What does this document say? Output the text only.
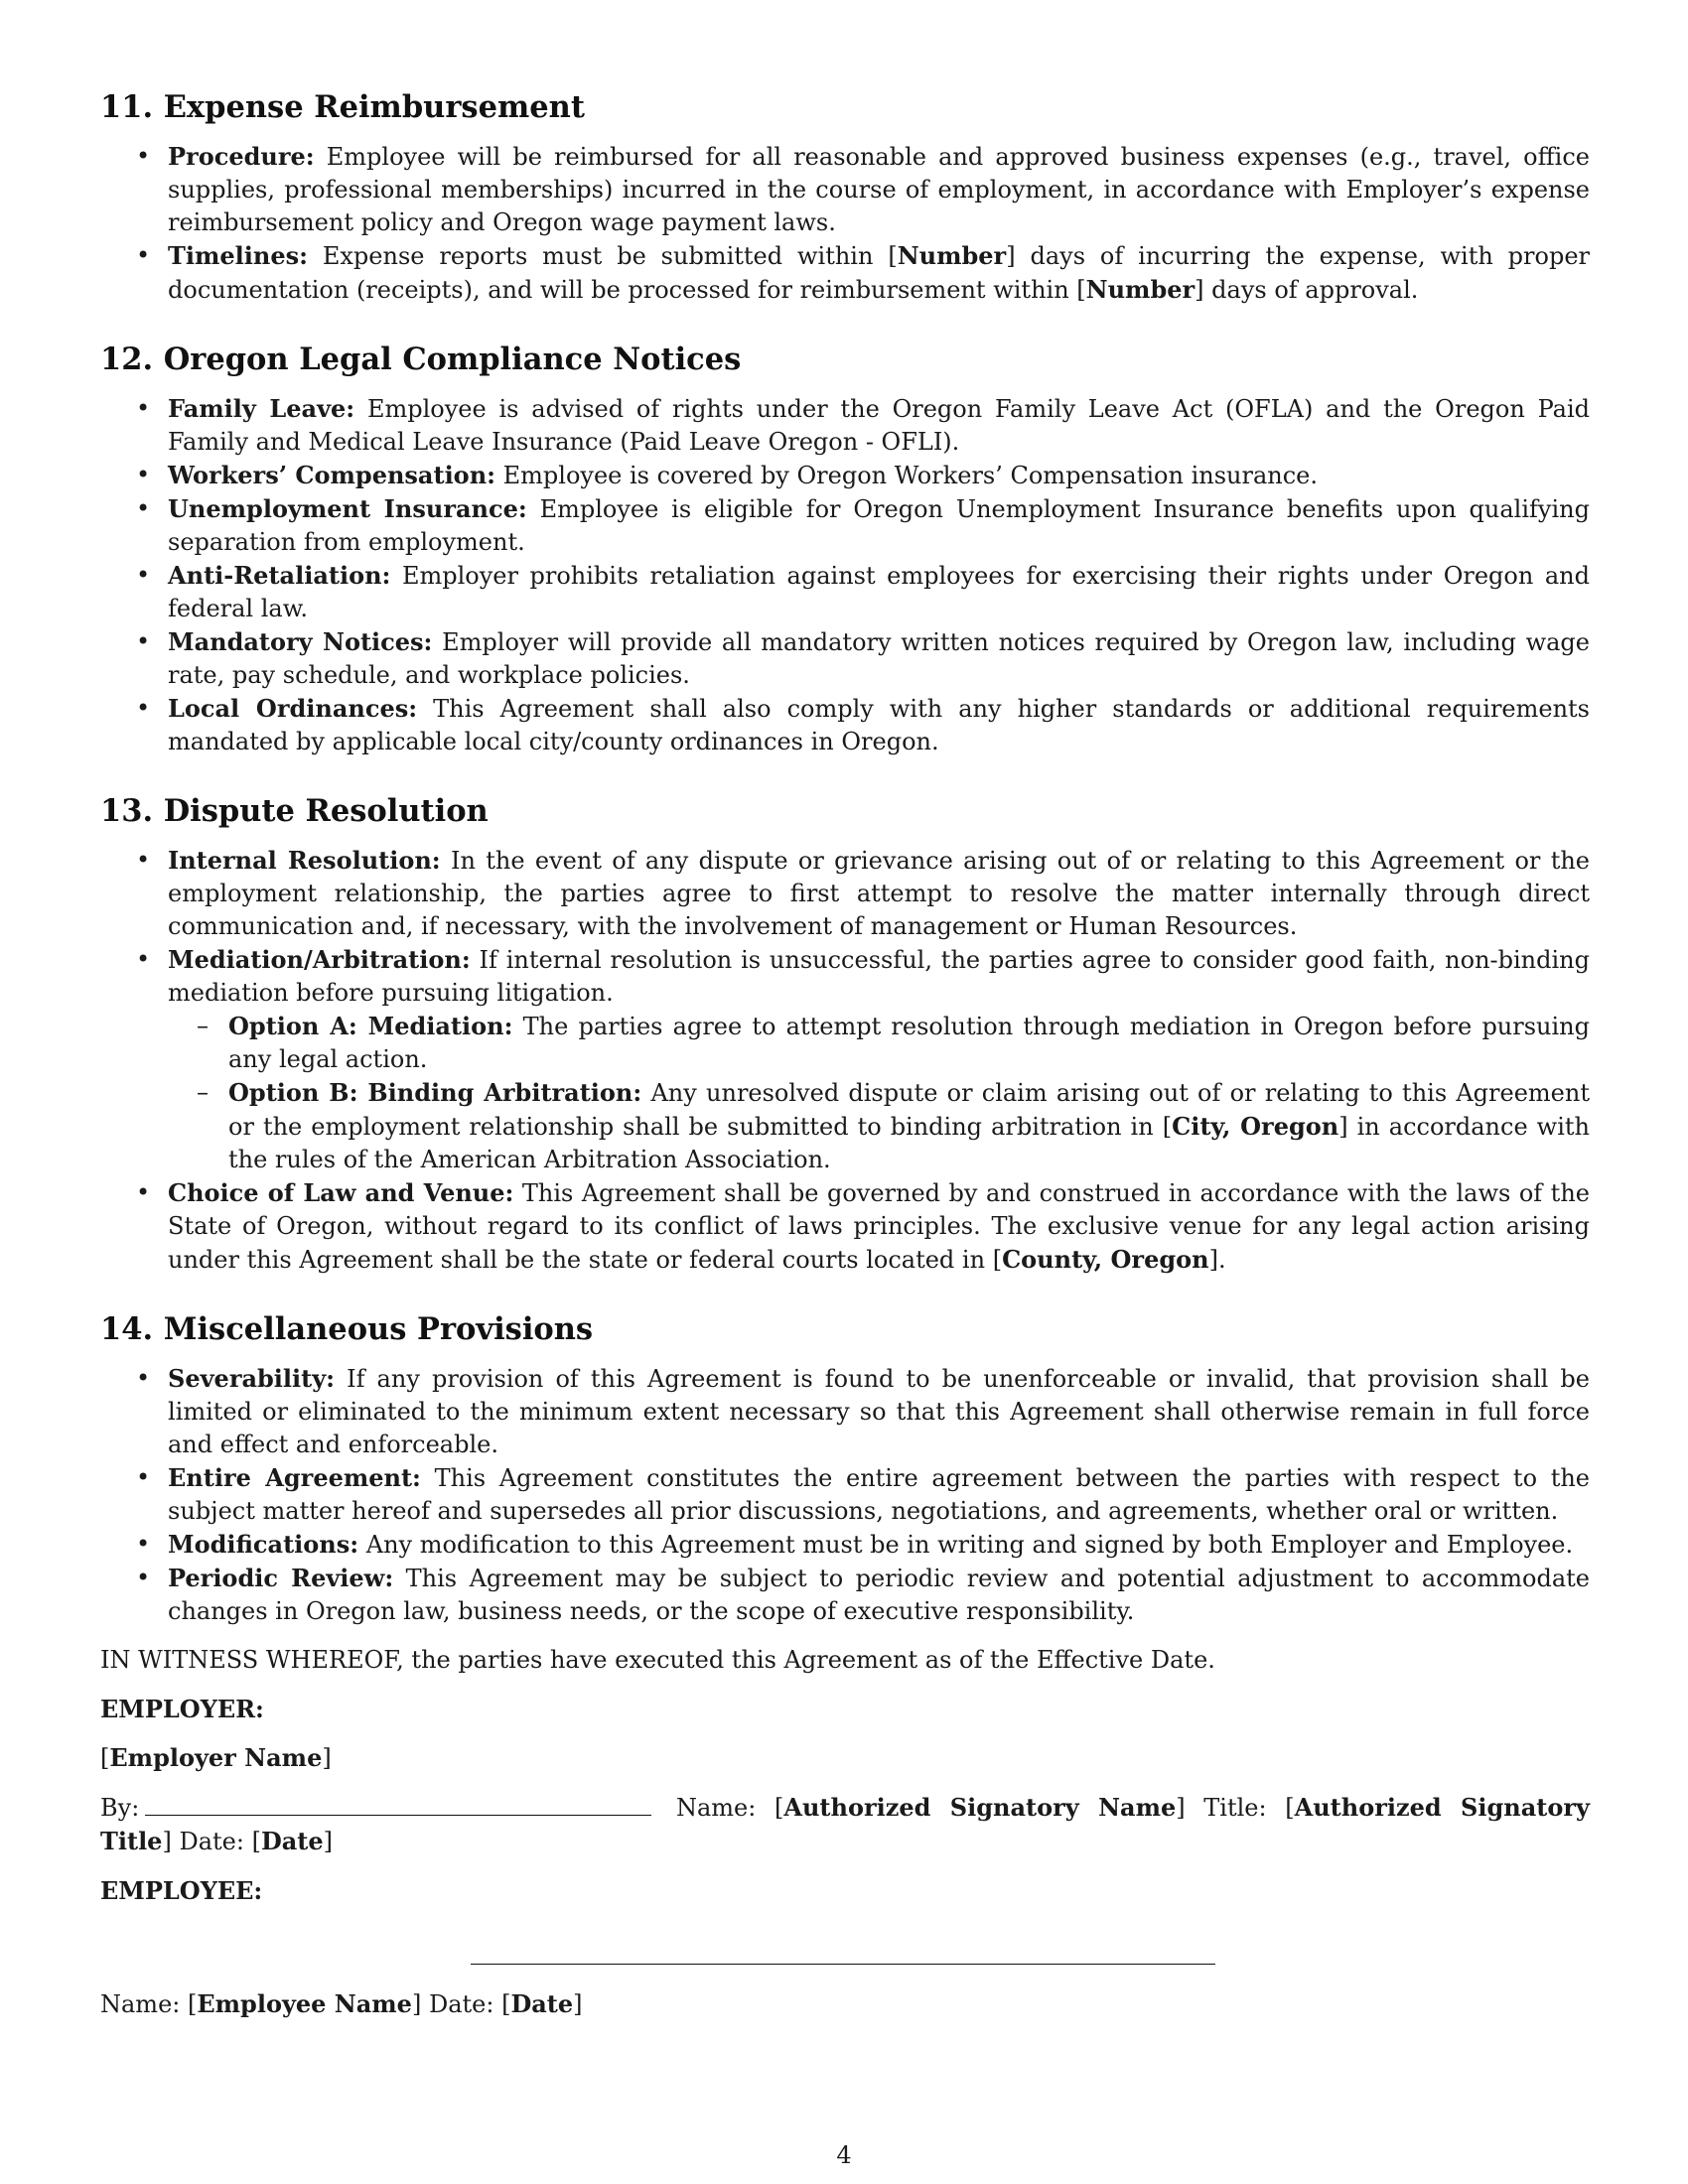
11. Expense Reimbursement
• Procedure: Employee will be reimbursed for all reasonable and approved business expenses (e.g., travel, office supplies, professional memberships) incurred in the course of employment, in accordance with Employer’s expense reimbursement policy and Oregon wage payment laws.
• Timelines: Expense reports must be submitted within [Number] days of incurring the expense, with proper documentation (receipts), and will be processed for reimbursement within [Number] days of approval.
12. Oregon Legal Compliance Notices
• Family Leave: Employee is advised of rights under the Oregon Family Leave Act (OFLA) and the Oregon Paid Family and Medical Leave Insurance (Paid Leave Oregon - OFLI).
• Workers’ Compensation: Employee is covered by Oregon Workers’ Compensation insurance.
• Unemployment Insurance: Employee is eligible for Oregon Unemployment Insurance benefits upon qualifying separation from employment.
• Anti-Retaliation: Employer prohibits retaliation against employees for exercising their rights under Oregon and federal law.
• Mandatory Notices: Employer will provide all mandatory written notices required by Oregon law, including wage rate, pay schedule, and workplace policies.
• Local Ordinances: This Agreement shall also comply with any higher standards or additional requirements mandated by applicable local city/county ordinances in Oregon.
13. Dispute Resolution
• Internal Resolution: In the event of any dispute or grievance arising out of or relating to this Agreement or the employment relationship, the parties agree to first attempt to resolve the matter internally through direct communication and, if necessary, with the involvement of management or Human Resources.
• Mediation/Arbitration: If internal resolution is unsuccessful, the parties agree to consider good faith, non-binding mediation before pursuing litigation.
– Option A: Mediation: The parties agree to attempt resolution through mediation in Oregon before pursuing any legal action.
– Option B: Binding Arbitration: Any unresolved dispute or claim arising out of or relating to this Agreement or the employment relationship shall be submitted to binding arbitration in [City, Oregon] in accordance with the rules of the American Arbitration Association.
• Choice of Law and Venue: This Agreement shall be governed by and construed in accordance with the laws of the State of Oregon, without regard to its conflict of laws principles. The exclusive venue for any legal action arising under this Agreement shall be the state or federal courts located in [County, Oregon].
14. Miscellaneous Provisions
• Severability: If any provision of this Agreement is found to be unenforceable or invalid, that provision shall be limited or eliminated to the minimum extent necessary so that this Agreement shall otherwise remain in full force and effect and enforceable.
• Entire Agreement: This Agreement constitutes the entire agreement between the parties with respect to the subject matter hereof and supersedes all prior discussions, negotiations, and agreements, whether oral or written.
• Modifications: Any modification to this Agreement must be in writing and signed by both Employer and Employee.
• Periodic Review: This Agreement may be subject to periodic review and potential adjustment to accommodate changes in Oregon law, business needs, or the scope of executive responsibility.

IN WITNESS WHEREOF, the parties have executed this Agreement as of the Effective Date.

EMPLOYER:

[Employer Name]

By:	Name: [Authorized Signatory Name] Title: [Authorized Signatory Title] Date: [Date]

EMPLOYEE:

Name: [Employee Name] Date: [Date]

4
